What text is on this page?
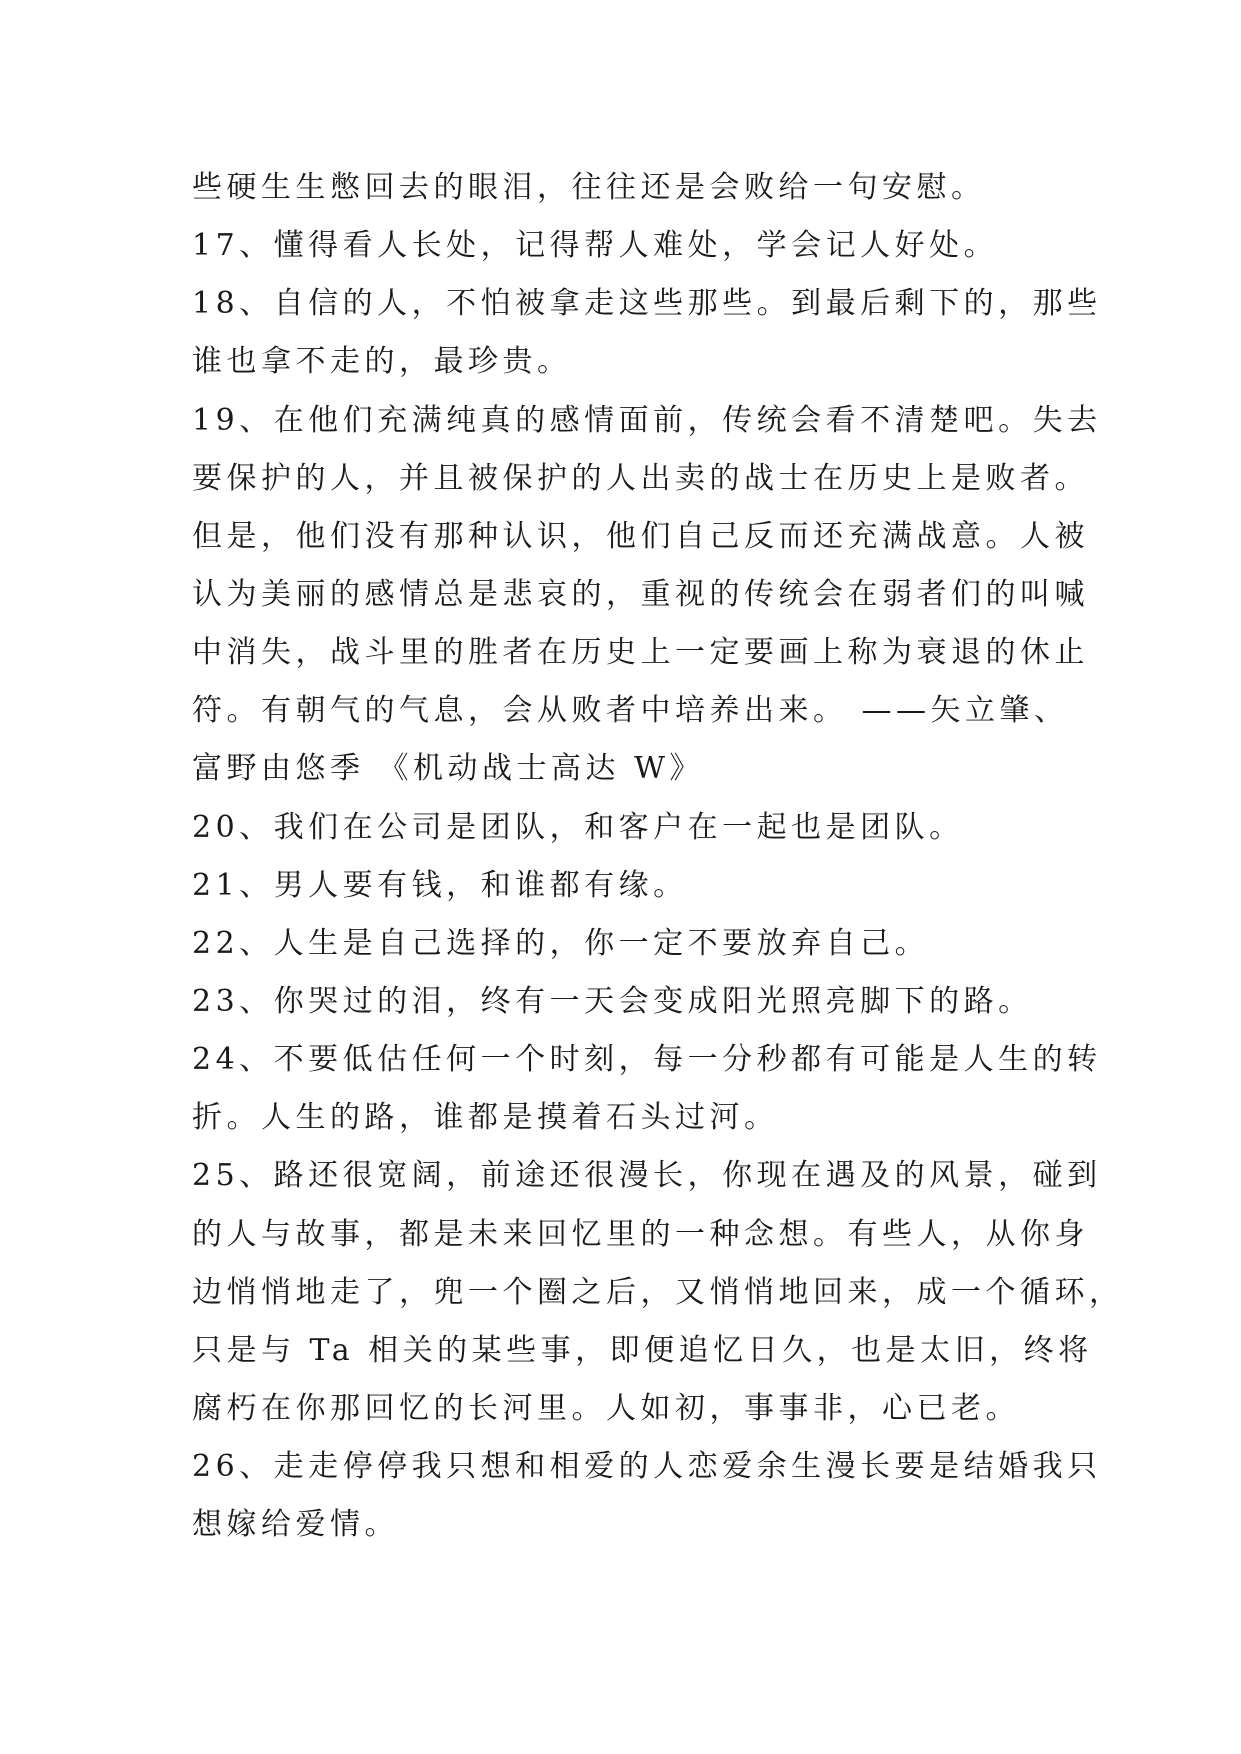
些硬生生憋回去的眼泪，往往还是会败给一句安慰。
17、懂得看人长处，记得帮人难处，学会记人好处。
18、自信的人，不怕被拿走这些那些。到最后剩下的，那些
谁也拿不走的，最珍贵。
19、在他们充满纯真的感情面前，传统会看不清楚吧。失去
要保护的人，并且被保护的人出卖的战士在历史上是败者。
但是，他们没有那种认识，他们自己反而还充满战意。人被
认为美丽的感情总是悲哀的，重视的传统会在弱者们的叫喊
中消失，战斗里的胜者在历史上一定要画上称为衰退的休止
符。有朝气的气息，会从败者中培养出来。 ——矢立肇、
富野由悠季 《机动战士高达 W》
20、我们在公司是团队，和客户在一起也是团队。
21、男人要有钱，和谁都有缘。
22、人生是自己选择的，你一定不要放弃自己。
23、你哭过的泪，终有一天会变成阳光照亮脚下的路。
24、不要低估任何一个时刻，每一分秒都有可能是人生的转
折。人生的路，谁都是摸着石头过河。
25、路还很宽阔，前途还很漫长，你现在遇及的风景，碰到
的人与故事，都是未来回忆里的一种念想。有些人，从你身
边悄悄地走了，兜一个圈之后，又悄悄地回来，成一个循环，
只是与 Ta 相关的某些事，即便追忆日久，也是太旧，终将
腐朽在你那回忆的长河里。人如初，事事非，心已老。
26、走走停停我只想和相爱的人恋爱余生漫长要是结婚我只
想嫁给爱情。
